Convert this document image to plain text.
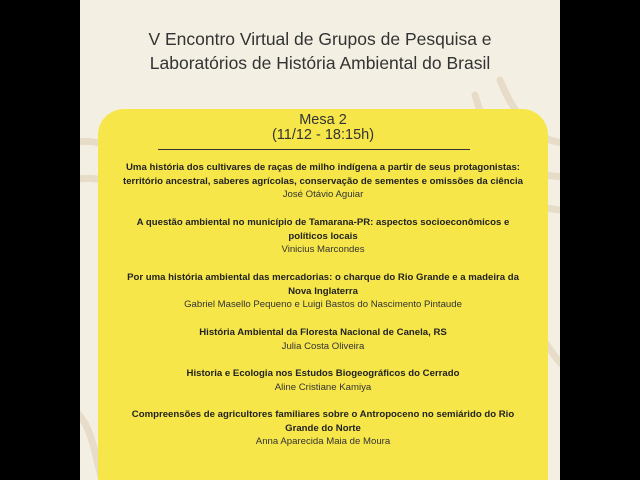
V Encontro Virtual de Grupos de Pesquisa e
Laboratórios de História Ambiental do Brasil
Mesa 2
(11/12 - 18:15h)
Uma história dos cultivares de raças de milho indígena a partir de seus protagonistas:
território ancestral, saberes agrícolas, conservação de sementes e omissões da ciência
José Otávio Aguiar
A questão ambiental no município de Tamarana-PR: aspectos socioeconômicos e
políticos locais
Vinicius Marcondes
Por uma história ambiental das mercadorias: o charque do Rio Grande e a madeira da
Nova Inglaterra
Gabriel Masello Pequeno e Luigi Bastos do Nascimento Pintaude
História Ambiental da Floresta Nacional de Canela, RS
Julia Costa Oliveira
Historia e Ecologia nos Estudos Biogeográficos do Cerrado
Aline Cristiane Kamiya
Compreensões de agricultores familiares sobre o Antropoceno no semiárido do Rio
Grande do Norte
Anna Aparecida Maia de Moura
